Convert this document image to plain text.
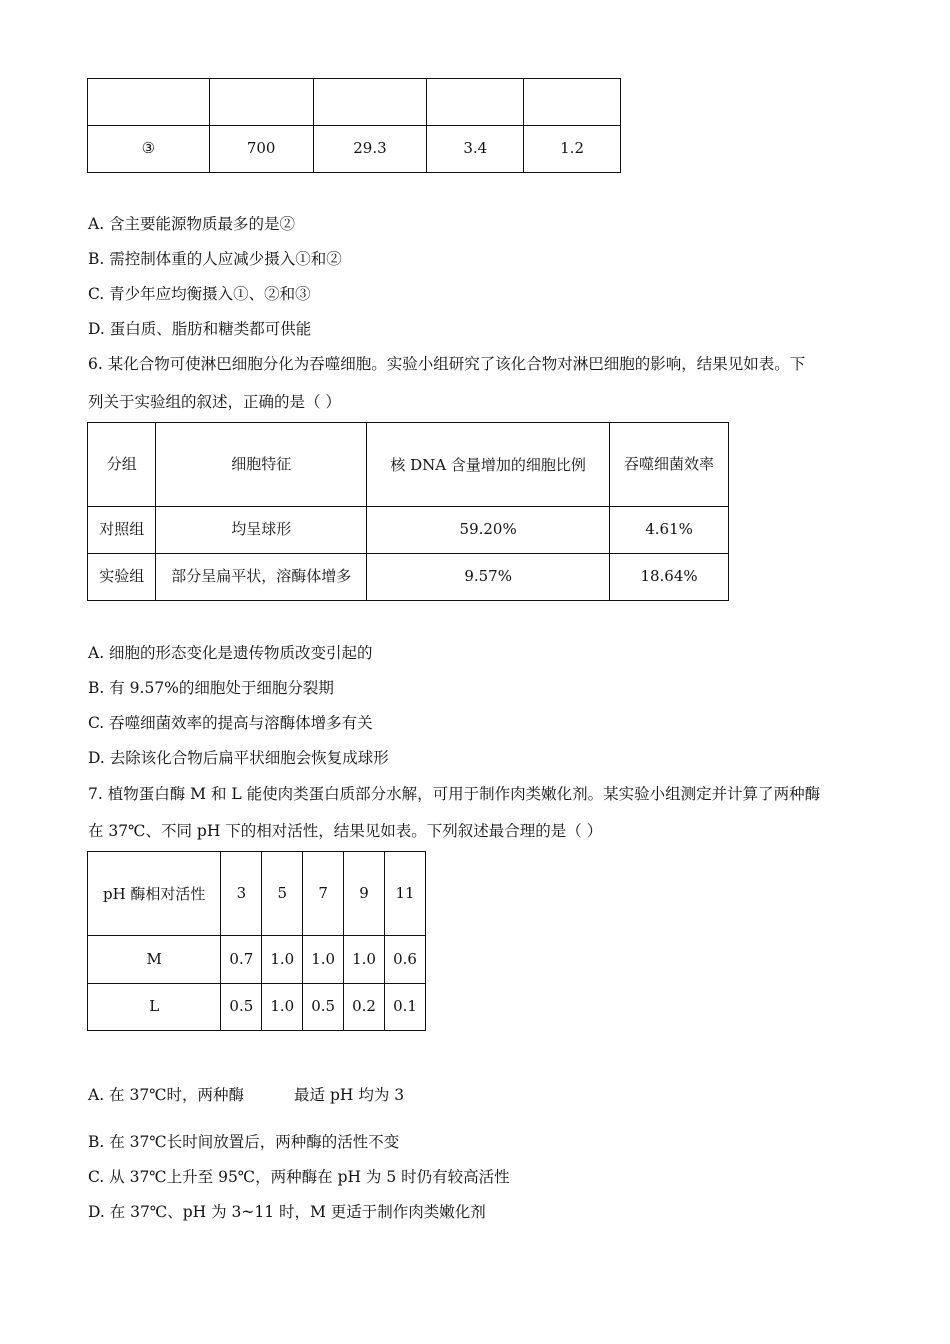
③	700	29.3	3.4	1.2
A. 含主要能源物质最多的是②
B. 需控制体重的人应减少摄入①和②
C. 青少年应均衡摄入①、②和③
D. 蛋白质、脂肪和糖类都可供能
6. 某化合物可使淋巴细胞分化为吞噬细胞。实验小组研究了该化合物对淋巴细胞的影响，结果见如表。下
列关于实验组的叙述，正确的是（ ）
分组	细胞特征	核 DNA 含量增加的细胞比例	吞噬细菌效率
对照组	均呈球形	59.20%	4.61%
实验组	部分呈扁平状，溶酶体增多	9.57%	18.64%
A. 细胞的形态变化是遗传物质改变引起的
B. 有 9.57%的细胞处于细胞分裂期
C. 吞噬细菌效率的提高与溶酶体增多有关
D. 去除该化合物后扁平状细胞会恢复成球形
7. 植物蛋白酶 M 和 L 能使肉类蛋白质部分水解，可用于制作肉类嫩化剂。某实验小组测定并计算了两种酶
在 37℃、不同 pH 下的相对活性，结果见如表。下列叙述最合理的是（ ）
pH 酶相对活性	3	5	7	9	11
M	0.7	1.0	1.0	1.0	0.6
L	0.5	1.0	0.5	0.2	0.1
A. 在 37℃时，两种酶	最适 pH 均为 3
B. 在 37℃长时间放置后，两种酶的活性不变
C. 从 37℃上升至 95℃，两种酶在 pH 为 5 时仍有较高活性
D. 在 37℃、pH 为 3~11 时，M 更适于制作肉类嫩化剂
